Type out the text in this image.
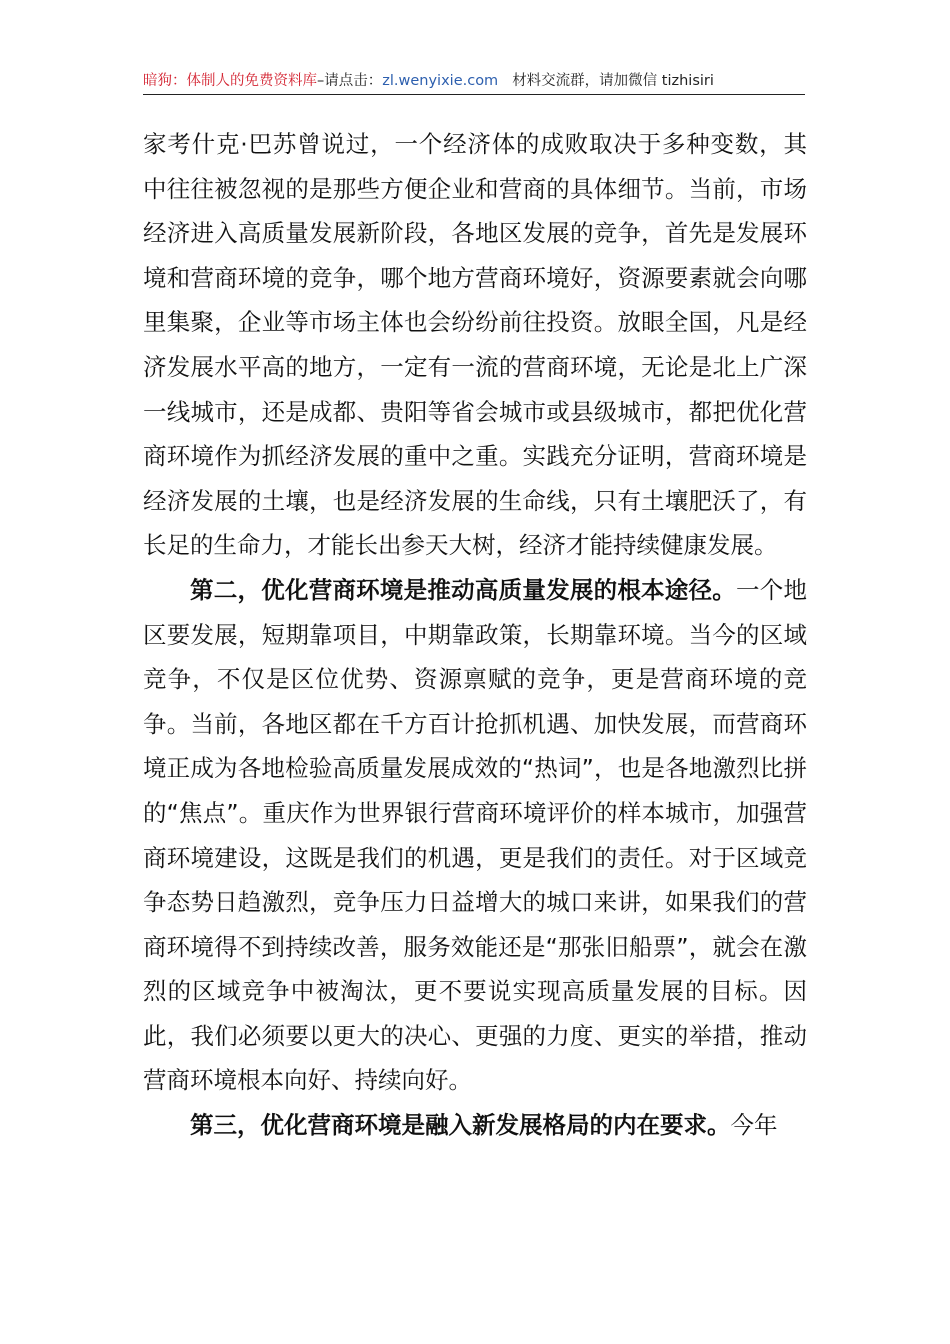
暗狗：体制人的免费资料库–请点击：zl.wenyixie.com 材料交流群，请加微信 tizhisiri

家考什克·巴苏曾说过，一个经济体的成败取决于多种变数，其中往往被忽视的是那些方便企业和营商的具体细节。当前，市场经济进入高质量发展新阶段，各地区发展的竞争，首先是发展环境和营商环境的竞争，哪个地方营商环境好，资源要素就会向哪里集聚，企业等市场主体也会纷纷前往投资。放眼全国，凡是经济发展水平高的地方，一定有一流的营商环境，无论是北上广深一线城市，还是成都、贵阳等省会城市或县级城市，都把优化营商环境作为抓经济发展的重中之重。实践充分证明，营商环境是经济发展的土壤，也是经济发展的生命线，只有土壤肥沃了，有长足的生命力，才能长出参天大树，经济才能持续健康发展。

第二，优化营商环境是推动高质量发展的根本途径。一个地区要发展，短期靠项目，中期靠政策，长期靠环境。当今的区域竞争，不仅是区位优势、资源禀赋的竞争，更是营商环境的竞争。当前，各地区都在千方百计抢抓机遇、加快发展，而营商环境正成为各地检验高质量发展成效的“热词”，也是各地激烈比拼的“焦点”。重庆作为世界银行营商环境评价的样本城市，加强营商环境建设，这既是我们的机遇，更是我们的责任。对于区域竞争态势日趋激烈，竞争压力日益增大的城口来讲，如果我们的营商环境得不到持续改善，服务效能还是“那张旧船票”，就会在激烈的区域竞争中被淘汰，更不要说实现高质量发展的目标。因此，我们必须要以更大的决心、更强的力度、更实的举措，推动营商环境根本向好、持续向好。

第三，优化营商环境是融入新发展格局的内在要求。今年
